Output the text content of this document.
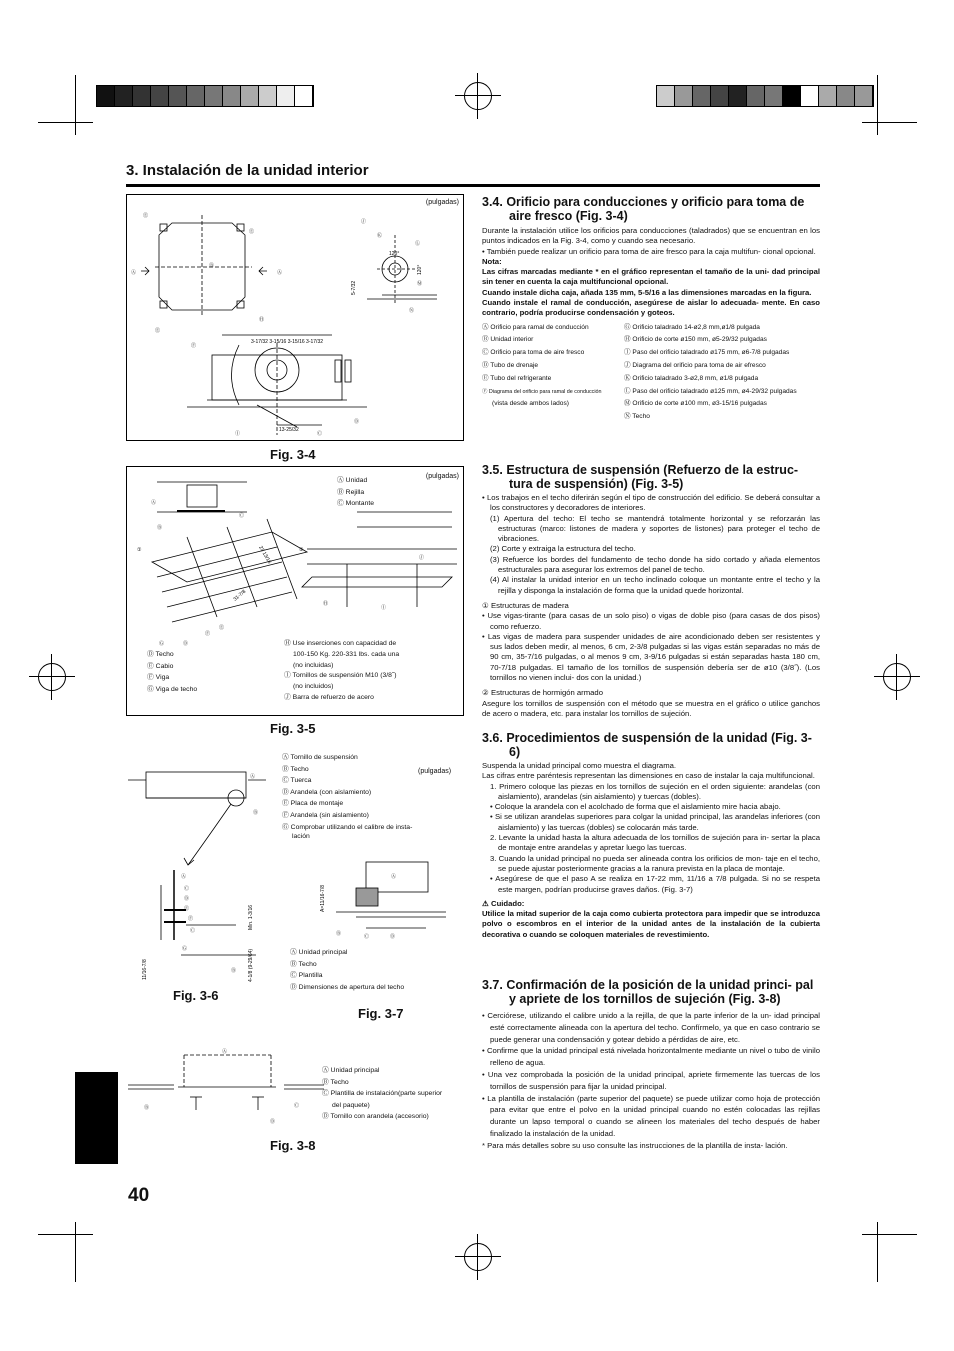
3. Instalación de la unidad interior
(pulgadas)
Ⓔ
Ⓔ
Ⓐ
Ⓑ
Ⓐ
Ⓔ
Ⓗ
Ⓕ
Ⓙ
Ⓚ
Ⓛ
Ⓜ
Ⓝ
Ⓘ	Ⓒ
Ⓓ
120°
5-7/32
120°
13-25/32
3-17/32 3-15/16 3-15/16 3-17/32
Fig. 3-4
(pulgadas)
Ⓐ
Ⓑ
Ⓒ
①	②
Ⓖ	Ⓓ
Ⓕ
Ⓔ
Ⓗ
Ⓘ
Ⓙ
23 13/16
31-7/8
Ⓐ Unidad
Ⓑ Rejilla
Ⓒ Montante
Ⓓ Techo
Ⓔ Cabio
Ⓕ Viga
Ⓖ Viga de techo
Ⓗ Use inserciones con capacidad de
100-150 Kg. 220-331 lbs. cada una
(no incluidas)
Ⓘ Tornillos de suspensión M10 (3/8˝)
(no incluidos)
Ⓙ Barra de refuerzo de acero
Fig. 3-5
Ⓐ
Ⓑ
Ⓐ
Ⓒ
Ⓓ
Ⓔ
Ⓕ
Ⓒ
Ⓖ
Ⓑ
Ⓐ
Ⓑ	Ⓓ
Ⓒ
Min. 1-3/16
4-1/8 (9-29/64)
11/16-7/8
A=11/16-7/8
Ⓐ Tornillo de suspensión
Ⓑ Techo
Ⓒ Tuerca
Ⓓ Arandela (con aislamiento)
Ⓔ Placa de montaje
Ⓕ Arandela (sin aislamiento)
Ⓖ Comprobar utilizando el calibre de insta-
lación
(pulgadas)
Ⓐ Unidad principal
Ⓑ Techo
Ⓒ Plantilla
Ⓓ Dimensiones de apertura del techo
Fig. 3-6
Fig. 3-7
Ⓐ
Ⓑ	Ⓒ
Ⓓ
Ⓐ Unidad principal
Ⓑ Techo
Ⓒ Plantilla de instalación(parte superior
del paquete)
Ⓓ Tornillo con arandela (accesorio)
Fig. 3-8
40

3.4. Orificio para conducciones y orificio para toma de aire fresco (Fig. 3-4)

Durante la instalación utilice los orificios para conducciones (taladrados) que se encuentran en los puntos indicados en la Fig. 3-4, como y cuando sea necesario.

• También puede realizar un orificio para toma de aire fresco para la caja multifun- cional opcional.

Nota:

Las cifras marcadas mediante * en el gráfico representan el tamaño de la uni- dad principal sin tener en cuenta la caja multifuncional opcional.

Cuando instale dicha caja, añada 135 mm, 5-5/16 a las dimensiones marcadas en la figura.

Cuando instale el ramal de conducción, asegúrese de aislar lo adecuada- mente. En caso contrario, podría producirse condensación y goteos.

Ⓐ Orificio para ramal de conducción	Ⓖ Orificio taladrado 14-ø2,8 mm,ø1/8 pulgada
Ⓑ Unidad interior	Ⓗ Orificio de corte ø150 mm, ø5-29/32 pulgadas
Ⓒ Orificio para toma de aire fresco	Ⓘ Paso del orificio taladrado ø175 mm, ø6-7/8 pulgadas
Ⓓ Tubo de drenaje	Ⓙ Diagrama del orificio para toma de air efresco
Ⓔ Tubo del refrigerante	Ⓚ Orificio taladrado 3-ø2,8 mm, ø1/8 pulgada
Ⓕ Diagrama del orificio para ramal de conducción	Ⓛ Paso del orificio taladrado ø125 mm, ø4-29/32 pulgadas
(vista desde ambos lados)	Ⓜ Orificio de corte ø100 mm, ø3-15/16 pulgadas
Ⓝ Techo

3.5. Estructura de suspensión (Refuerzo de la estruc- tura de suspensión) (Fig. 3-5)

• Los trabajos en el techo diferirán según el tipo de construcción del edificio. Se deberá consultar a los constructores y decoradores de interiores.

(1) Apertura del techo: El techo se mantendrá totalmente horizontal y se reforzarán las estructuras (marco: listones de madera y soportes de listones) para proteger el techo de vibraciones.

(2) Corte y extraiga la estructura del techo.

(3) Refuerce los bordes del fundamento de techo donde ha sido cortado y añada elementos estructurales para asegurar los extremos del panel de techo.

(4) Al instalar la unidad interior en un techo inclinado coloque un montante entre el techo y la rejilla y disponga la instalación de forma que la unidad quede horizontal.

① Estructuras de madera

• Use vigas-tirante (para casas de un solo piso) o vigas de doble piso (para casas de dos pisos) como refuerzo.

• Las vigas de madera para suspender unidades de aire acondicionado deben ser resistentes y sus lados deben medir, al menos, 6 cm, 2-3/8 pulgadas si las vigas están separadas no más de 90 cm, 35-7/16 pulgadas, o al menos 9 cm, 3-9/16 pulgadas si están separadas hasta 180 cm, 70-7/18 pulgadas. El tamaño de los tornillos de suspensión debería ser de ø10 (3/8˝). (Los tornillos no vienen inclui- dos con la unidad.)

② Estructuras de hormigón armado

Asegure los tornillos de suspensión con el método que se muestra en el gráfico o utilice ganchos de acero o madera, etc. para instalar los tornillos de sujeción.

3.6. Procedimientos de suspensión de la unidad (Fig. 3-6)

Suspenda la unidad principal como muestra el diagrama.

Las cifras entre paréntesis representan las dimensiones en caso de instalar la caja multifuncional.

1. Primero coloque las piezas en los tornillos de sujeción en el orden siguiente: arandelas (con aislamiento), arandelas (sin aislamiento) y tuercas (dobles).

• Coloque la arandela con el acolchado de forma que el aislamiento mire hacia abajo.

• Si se utilizan arandelas superiores para colgar la unidad principal, las arandelas inferiores (con aislamiento) y las tuercas (dobles) se colocarán más tarde.

2. Levante la unidad hasta la altura adecuada de los tornillos de sujeción para in- sertar la placa de montaje entre arandelas y apretar luego las tuercas.

3. Cuando la unidad principal no pueda ser alineada contra los orificios de mon- taje en el techo, se puede ajustar posteriormente gracias a la ranura prevista en la placa de montaje.

• Asegúrese de que el paso A se realiza en 17-22 mm, 11/16 a 7/8 pulgada. Si no se respeta este margen, podrían producirse graves daños. (Fig. 3-7)

⚠ Cuidado:

Utilice la mitad superior de la caja como cubierta protectora para impedir que se introduzca polvo o escombros en el interior de la unidad antes de la instalación de la cubierta decorativa o cuando se coloquen materiales de revestimiento.

3.7. Confirmación de la posición de la unidad princi- pal y apriete de los tornillos de sujeción (Fig. 3-8)

• Cerciórese, utilizando el calibre unido a la rejilla, de que la parte inferior de la un- idad principal esté correctamente alineada con la apertura del techo. Confírmelo, ya que en caso contrario se puede generar una condensación y gotear debido a pérdidas de aire, etc.

• Confirme que la unidad principal está nivelada horizontalmente mediante un nivel o tubo de vinilo relleno de agua.

• Una vez comprobada la posición de la unidad principal, apriete firmemente las tuercas de los tornillos de suspensión para fijar la unidad principal.

• La plantilla de instalación (parte superior del paquete) se puede utilizar como hoja de protección para evitar que entre el polvo en la unidad principal cuando no estén colocadas las rejillas durante un lapso temporal o cuando se alineen los materiales del techo después de haber finalizado la instalación de la unidad.

* Para más detalles sobre su uso consulte las instrucciones de la plantilla de insta- lación.
